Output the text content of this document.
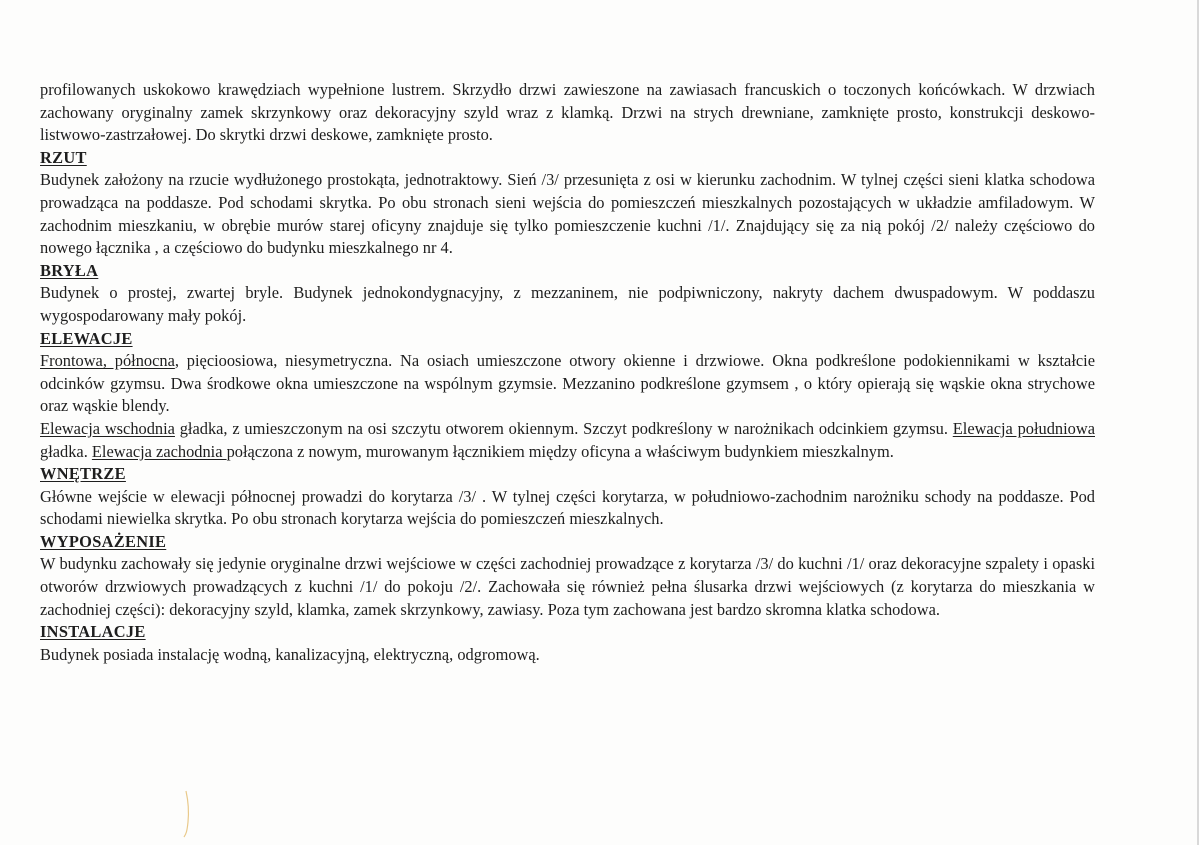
profilowanych uskokowo krawędziach wypełnione lustrem. Skrzydło drzwi zawieszone na zawiasach francuskich o toczonych końcówkach. W drzwiach zachowany oryginalny zamek skrzynkowy oraz dekoracyjny szyld wraz z klamką. Drzwi na strych drewniane, zamknięte prosto, konstrukcji deskowo-listwowo-zastrzałowej. Do skrytki drzwi deskowe, zamknięte prosto.

RZUT

Budynek założony na rzucie wydłużonego prostokąta, jednotraktowy. Sień /3/ przesunięta z osi w kierunku zachodnim. W tylnej części sieni klatka schodowa prowadząca na poddasze. Pod schodami skrytka. Po obu stronach sieni wejścia do pomieszczeń mieszkalnych pozostających w układzie amfiladowym. W zachodnim mieszkaniu, w obrębie murów starej oficyny znajduje się tylko pomieszczenie kuchni /1/. Znajdujący się za nią pokój /2/ należy częściowo do nowego łącznika , a częściowo do budynku mieszkalnego nr 4.

BRYŁA

Budynek o prostej, zwartej bryle. Budynek jednokondygnacyjny, z mezzaninem, nie podpiwniczony, nakryty dachem dwuspadowym. W poddaszu wygospodarowany mały pokój.

ELEWACJE

Frontowa, północna, pięcioosiowa, niesymetryczna. Na osiach umieszczone otwory okienne i drzwiowe. Okna podkreślone podokiennikami w kształcie odcinków gzymsu. Dwa środkowe okna umieszczone na wspólnym gzymsie. Mezzanino podkreślone gzymsem , o który opierają się wąskie okna strychowe oraz wąskie blendy.

Elewacja wschodnia gładka, z umieszczonym na osi szczytu otworem okiennym. Szczyt podkreślony w narożnikach odcinkiem gzymsu. Elewacja południowa gładka. Elewacja zachodnia połączona z nowym, murowanym łącznikiem między oficyna a właściwym budynkiem mieszkalnym.

WNĘTRZE

Główne wejście w elewacji północnej prowadzi do korytarza /3/ . W tylnej części korytarza, w południowo-zachodnim narożniku schody na poddasze. Pod schodami niewielka skrytka. Po obu stronach korytarza wejścia do pomieszczeń mieszkalnych.

WYPOSAŻENIE

W budynku zachowały się jedynie oryginalne drzwi wejściowe w części zachodniej prowadzące z korytarza /3/ do kuchni /1/ oraz dekoracyjne szpalety i opaski otworów drzwiowych prowadzących z kuchni /1/ do pokoju /2/. Zachowała się również pełna ślusarka drzwi wejściowych (z korytarza do mieszkania w zachodniej części): dekoracyjny szyld, klamka, zamek skrzynkowy, zawiasy. Poza tym zachowana jest bardzo skromna klatka schodowa.

INSTALACJE

Budynek posiada instalację wodną, kanalizacyjną, elektryczną, odgromową.
